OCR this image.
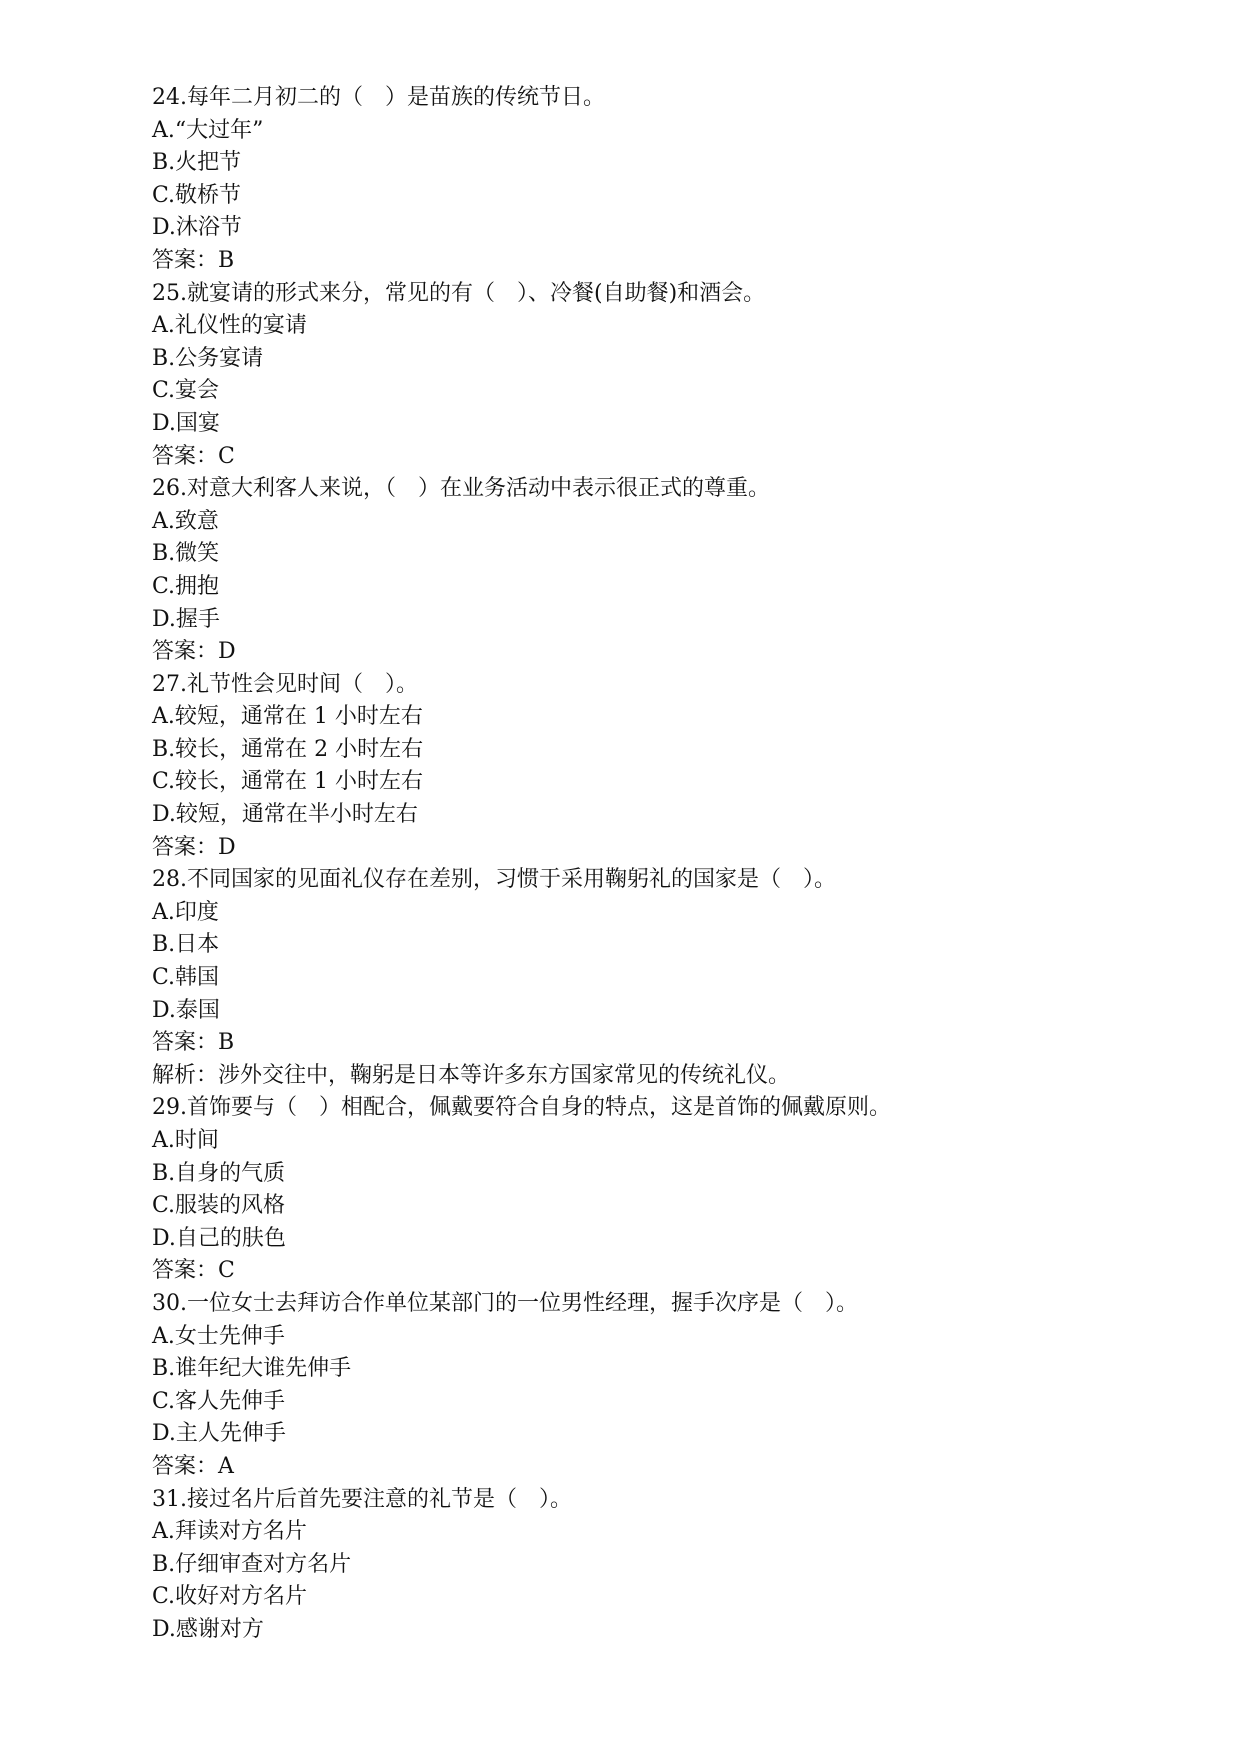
24.每年二月初二的（　）是苗族的传统节日。
A.“大过年”
B.火把节
C.敬桥节
D.沐浴节
答案：B
25.就宴请的形式来分，常见的有（　）、冷餐(自助餐)和酒会。
A.礼仪性的宴请
B.公务宴请
C.宴会
D.国宴
答案：C
26.对意大利客人来说，（　）在业务活动中表示很正式的尊重。
A.致意
B.微笑
C.拥抱
D.握手
答案：D
27.礼节性会见时间（　）。
A.较短，通常在 1 小时左右
B.较长，通常在 2 小时左右
C.较长，通常在 1 小时左右
D.较短，通常在半小时左右
答案：D
28.不同国家的见面礼仪存在差别，习惯于采用鞠躬礼的国家是（　）。
A.印度
B.日本
C.韩国
D.泰国
答案：B
解析：涉外交往中，鞠躬是日本等许多东方国家常见的传统礼仪。
29.首饰要与（　）相配合，佩戴要符合自身的特点，这是首饰的佩戴原则。
A.时间
B.自身的气质
C.服装的风格
D.自己的肤色
答案：C
30.一位女士去拜访合作单位某部门的一位男性经理，握手次序是（　）。
A.女士先伸手
B.谁年纪大谁先伸手
C.客人先伸手
D.主人先伸手
答案：A
31.接过名片后首先要注意的礼节是（　）。
A.拜读对方名片
B.仔细审查对方名片
C.收好对方名片
D.感谢对方
